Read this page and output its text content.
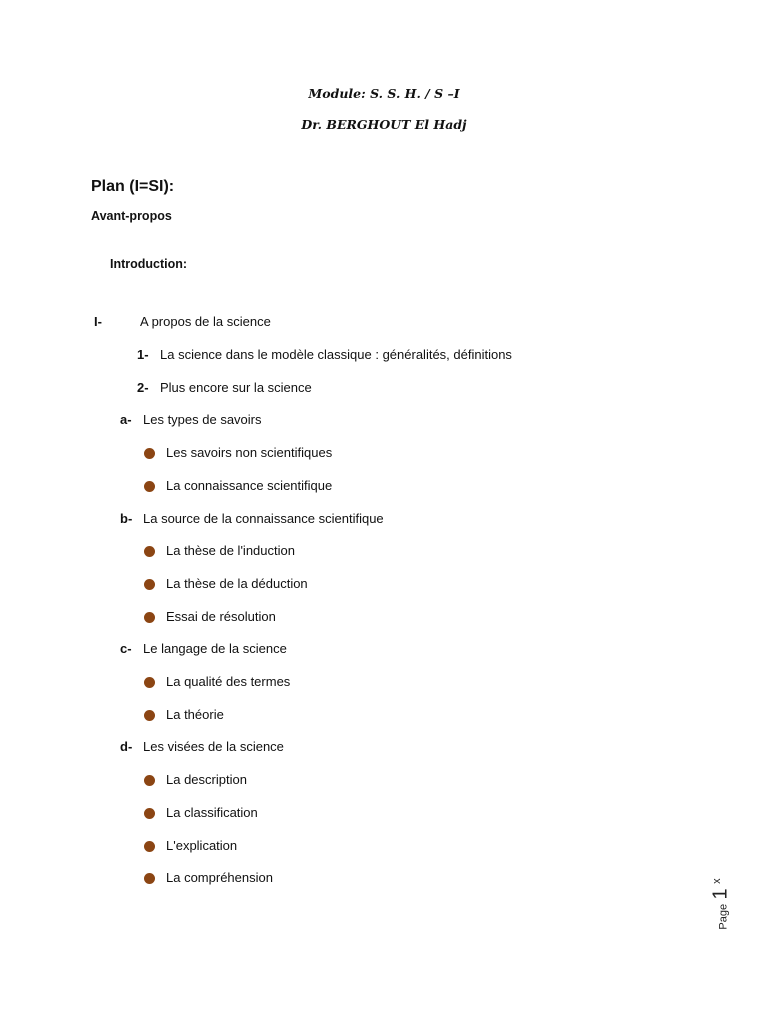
Module: S. S. H. / S –I
Dr. BERGHOUT El Hadj
Plan (I=SI):
Avant-propos
Introduction:
I-	A propos de la science
1- La science dans le modèle classique : généralités, définitions
2- Plus encore sur la science
a- Les types de savoirs
Les savoirs non scientifiques
La connaissance scientifique
b- La source de la connaissance scientifique
La thèse de l'induction
La thèse de la déduction
Essai de résolution
c- Le langage de la science
La qualité des termes
La théorie
d- Les visées de la science
La description
La classification
L'explication
La compréhension
Page 1 $^x$
